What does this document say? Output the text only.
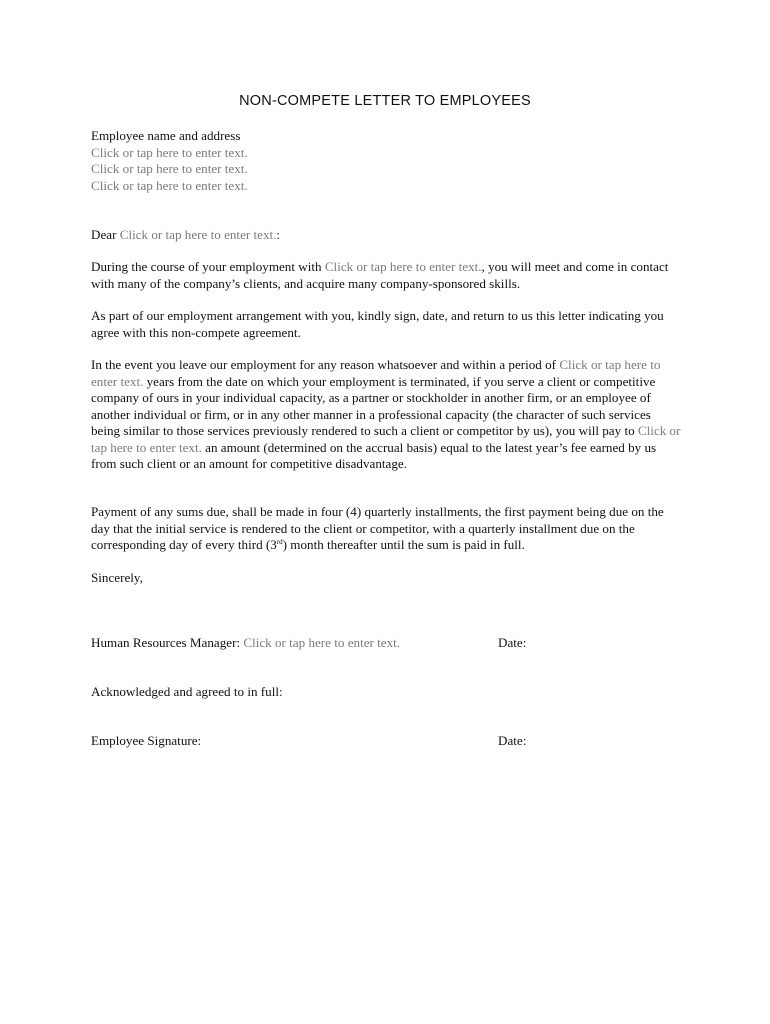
NON-COMPETE LETTER TO EMPLOYEES
Employee name and address
Click or tap here to enter text.
Click or tap here to enter text.
Click or tap here to enter text.
Dear Click or tap here to enter text.:
During the course of your employment with Click or tap here to enter text., you will meet and come in contact with many of the company’s clients, and acquire many company-sponsored skills.
As part of our employment arrangement with you, kindly sign, date, and return to us this letter indicating you agree with this non-compete agreement.
In the event you leave our employment for any reason whatsoever and within a period of Click or tap here to enter text. years from the date on which your employment is terminated, if you serve a client or competitive company of ours in your individual capacity, as a partner or stockholder in another firm, or an employee of another individual or firm, or in any other manner in a professional capacity (the character of such services being similar to those services previously rendered to such a client or competitor by us), you will pay to Click or tap here to enter text. an amount (determined on the accrual basis) equal to the latest year’s fee earned by us from such client or an amount for competitive disadvantage.
Payment of any sums due, shall be made in four (4) quarterly installments, the first payment being due on the day that the initial service is rendered to the client or competitor, with a quarterly installment due on the corresponding day of every third (3rd) month thereafter until the sum is paid in full.
Sincerely,
Human Resources Manager: Click or tap here to enter text.	Date:
Acknowledged and agreed to in full:
Employee Signature:	Date:
